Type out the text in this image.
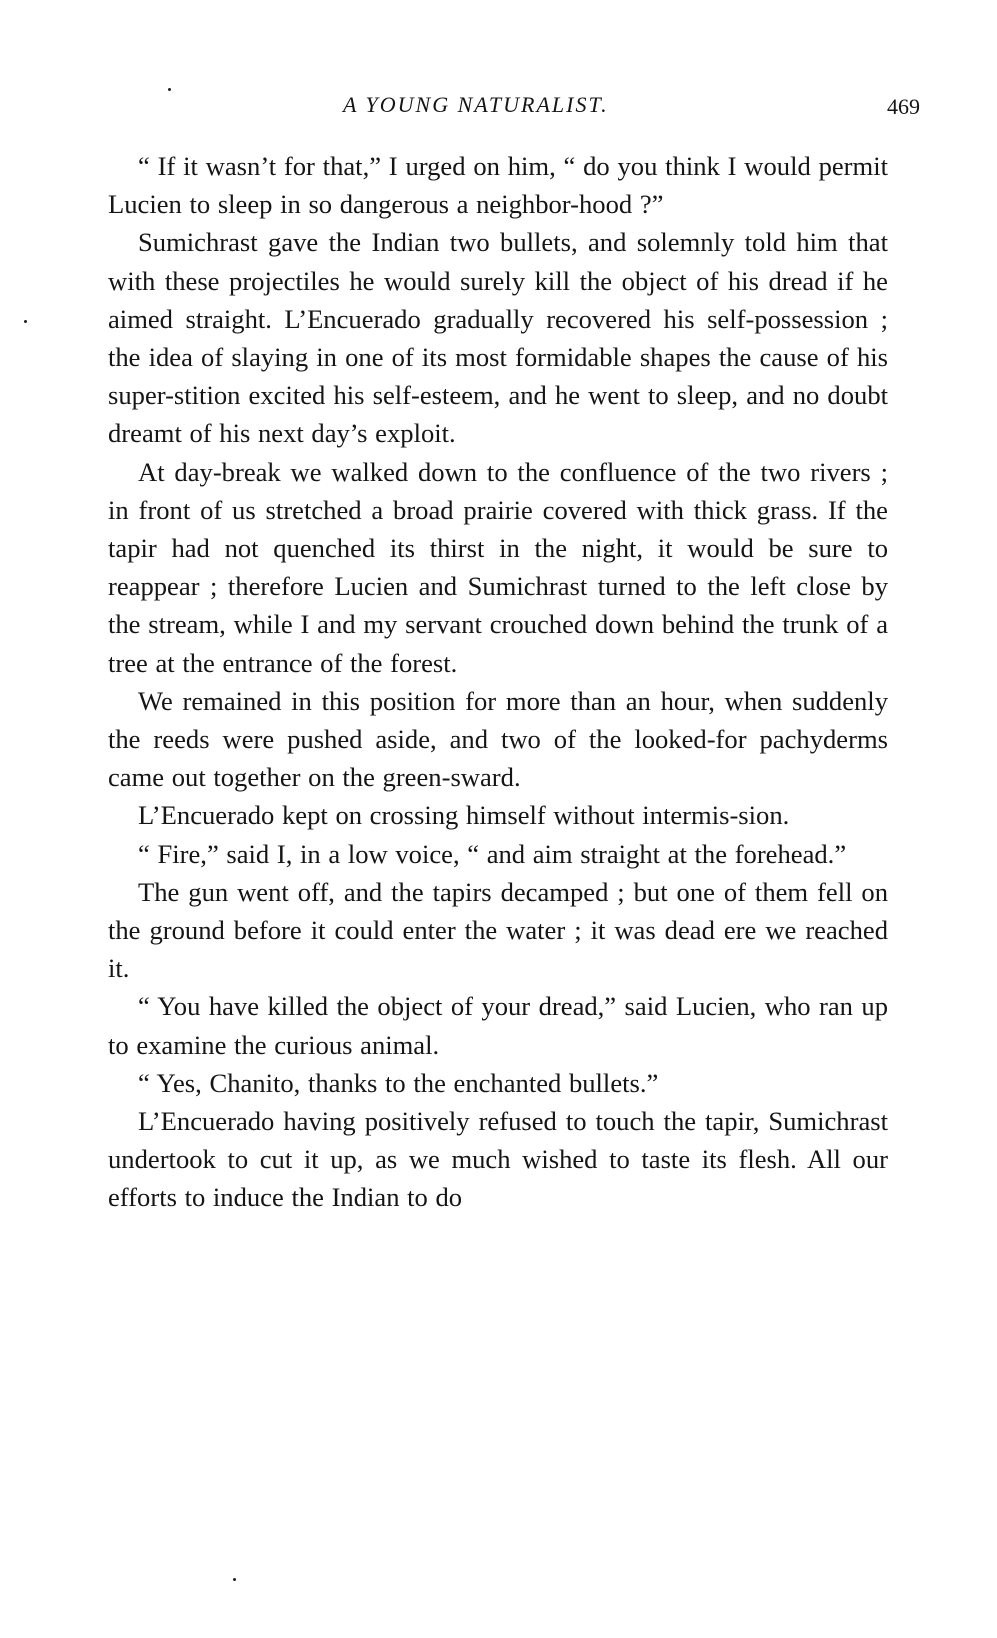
A YOUNG NATURALIST.	469

“ If it wasn’t for that,” I urged on him, “ do you think I would permit Lucien to sleep in so dangerous a neighbor-hood ?”

Sumichrast gave the Indian two bullets, and solemnly told him that with these projectiles he would surely kill the object of his dread if he aimed straight. L’Encuerado gradually recovered his self-possession ; the idea of slaying in one of its most formidable shapes the cause of his super-stition excited his self-esteem, and he went to sleep, and no doubt dreamt of his next day’s exploit.

At day-break we walked down to the confluence of the two rivers ; in front of us stretched a broad prairie covered with thick grass. If the tapir had not quenched its thirst in the night, it would be sure to reappear ; therefore Lucien and Sumichrast turned to the left close by the stream, while I and my servant crouched down behind the trunk of a tree at the entrance of the forest.

We remained in this position for more than an hour, when suddenly the reeds were pushed aside, and two of the looked-for pachyderms came out together on the green-sward.

L’Encuerado kept on crossing himself without intermis-sion.

“ Fire,” said I, in a low voice, “ and aim straight at the forehead.”

The gun went off, and the tapirs decamped ; but one of them fell on the ground before it could enter the water ; it was dead ere we reached it.

“ You have killed the object of your dread,” said Lucien, who ran up to examine the curious animal.

“ Yes, Chanito, thanks to the enchanted bullets.”

L’Encuerado having positively refused to touch the tapir, Sumichrast undertook to cut it up, as we much wished to taste its flesh. All our efforts to induce the Indian to do
